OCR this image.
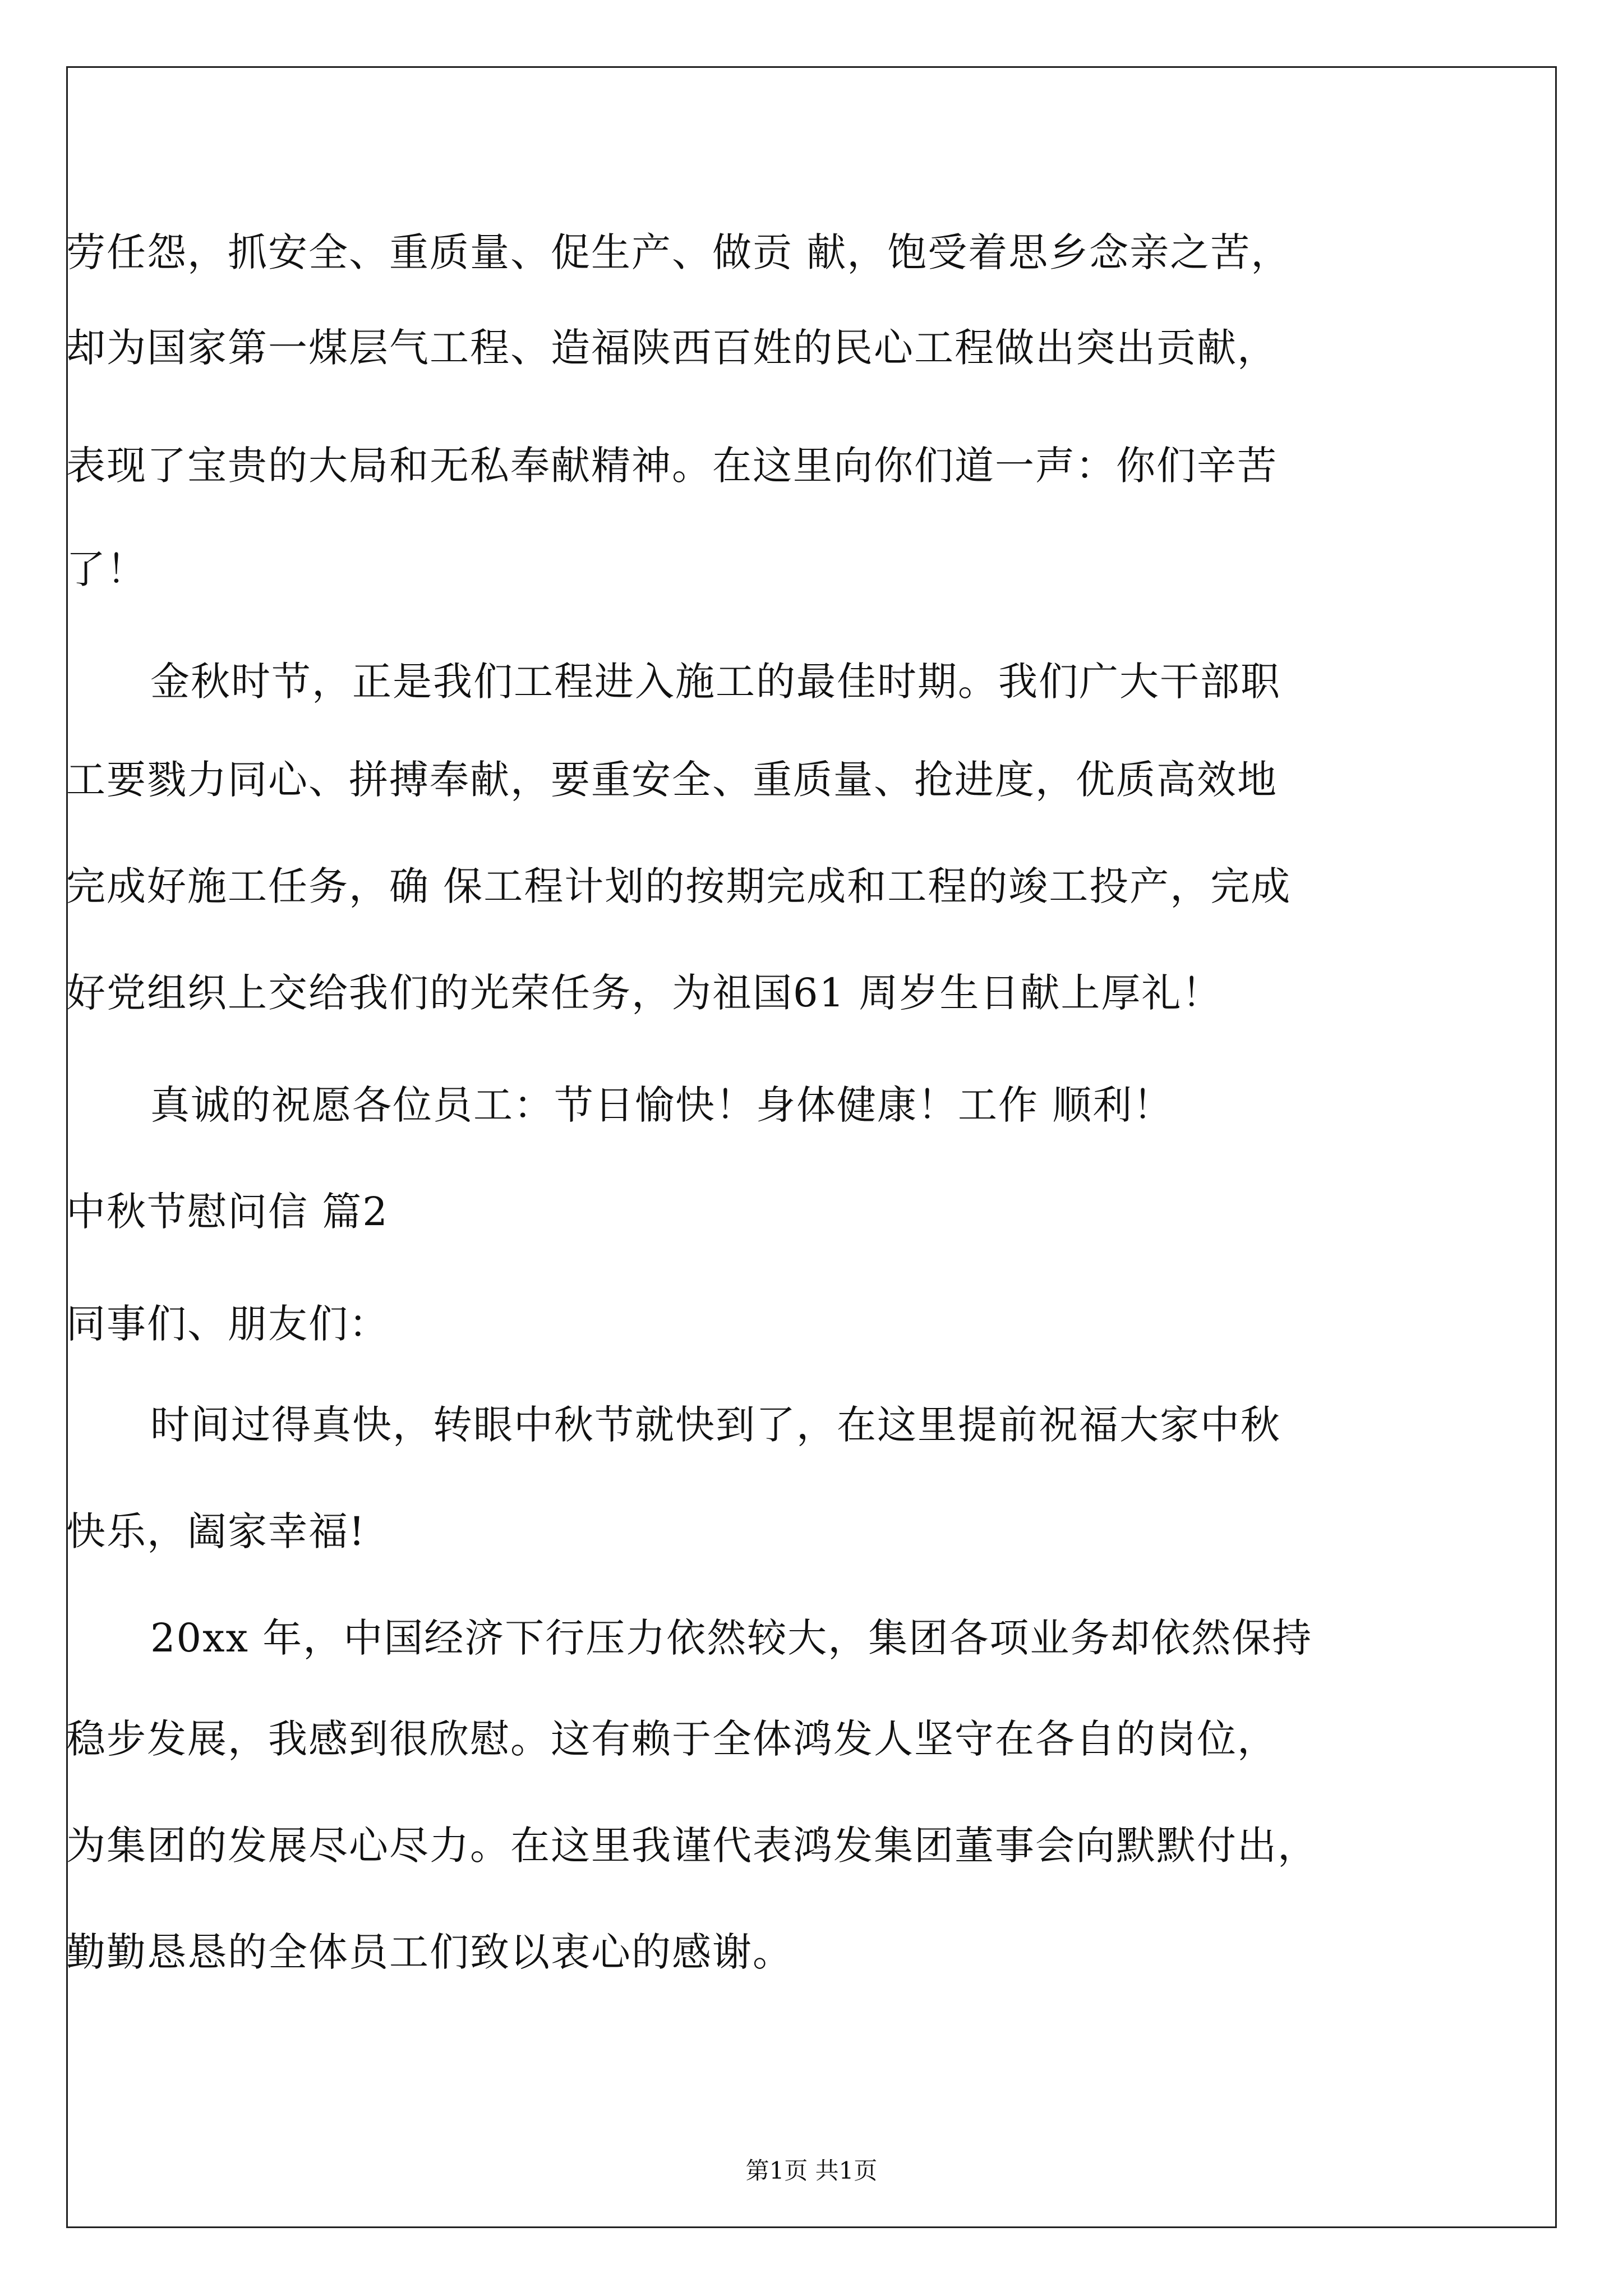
劳任怨，抓安全、重质量、促生产、做贡 献，饱受着思乡念亲之苦，
却为国家第一煤层气工程、造福陕西百姓的民心工程做出突出贡献，
表现了宝贵的大局和无私奉献精神。在这里向你们道一声：你们辛苦
了！
金秋时节，正是我们工程进入施工的最佳时期。我们广大干部职
工要戮力同心、拼搏奉献，要重安全、重质量、抢进度，优质高效地
完成好施工任务，确 保工程计划的按期完成和工程的竣工投产，完成
好党组织上交给我们的光荣任务，为祖国61 周岁生日献上厚礼！
真诚的祝愿各位员工：节日愉快！身体健康！工作 顺利！
中秋节慰问信 篇2
同事们、朋友们：
时间过得真快，转眼中秋节就快到了，在这里提前祝福大家中秋
快乐，阖家幸福!
20xx 年，中国经济下行压力依然较大，集团各项业务却依然保持
稳步发展，我感到很欣慰。这有赖于全体鸿发人坚守在各自的岗位，
为集团的发展尽心尽力。在这里我谨代表鸿发集团董事会向默默付出，
勤勤恳恳的全体员工们致以衷心的感谢。
第1页 共1页
